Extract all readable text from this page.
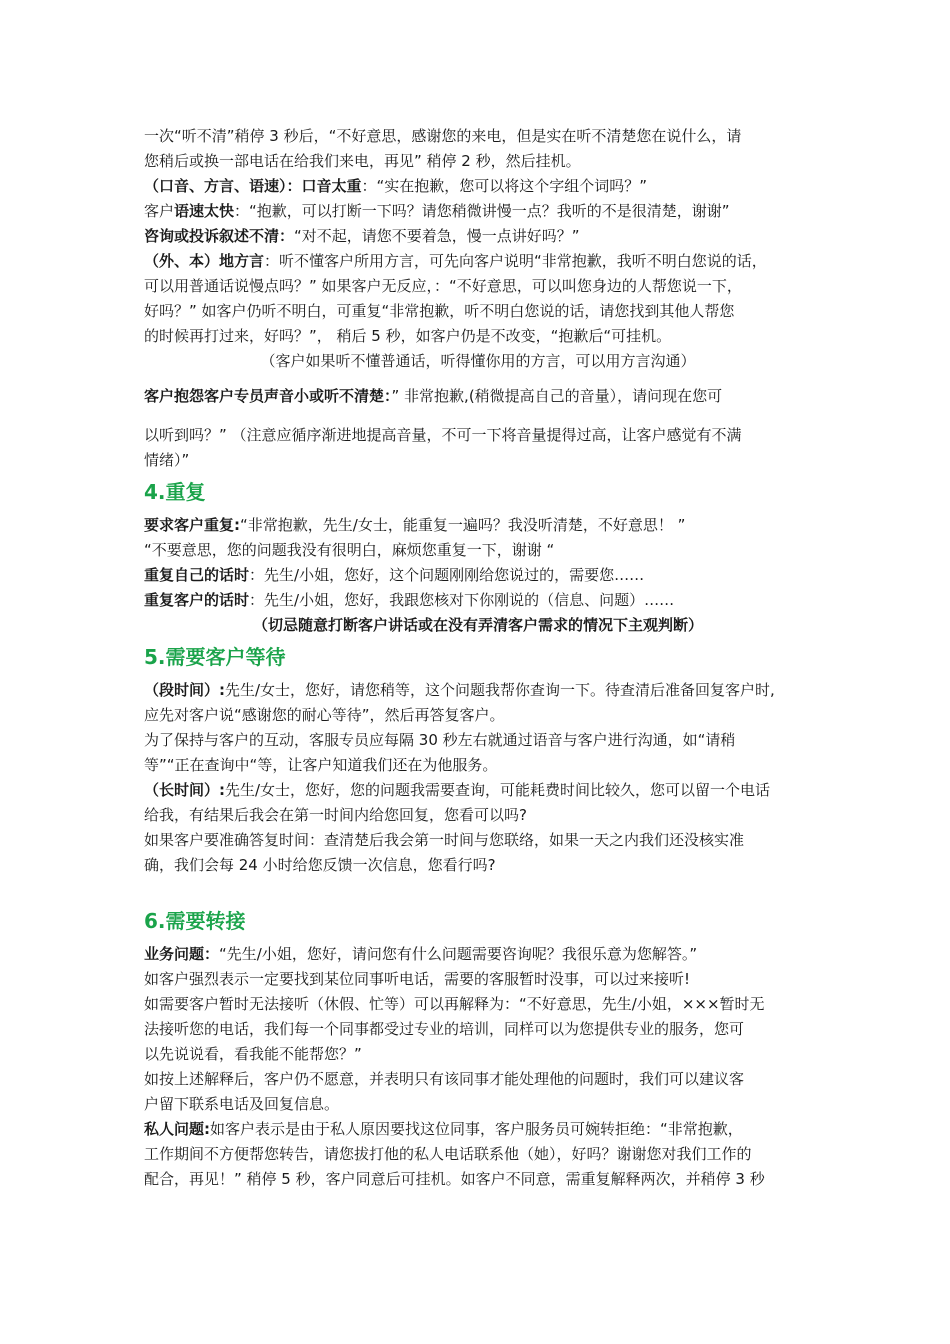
一次“听不清”稍停 3 秒后，“不好意思，感谢您的来电，但是实在听不清楚您在说什么，请
您稍后或换一部电话在给我们来电，再见” 稍停 2 秒，然后挂机。
（口音、方言、语速）：口音太重：“实在抱歉，您可以将这个字组个词吗？”
客户语速太快：“抱歉，可以打断一下吗？请您稍微讲慢一点？我听的不是很清楚，谢谢”
咨询或投诉叙述不清：“对不起，请您不要着急，慢一点讲好吗？”
（外、本）地方言：听不懂客户所用方言，可先向客户说明“非常抱歉，我听不明白您说的话，
可以用普通话说慢点吗？” 如果客户无反应，：“不好意思，可以叫您身边的人帮您说一下，
好吗？” 如客户仍听不明白，可重复“非常抱歉，听不明白您说的话，请您找到其他人帮您
的时候再打过来，好吗？”， 稍后 5 秒，如客户仍是不改变，“抱歉后“可挂机。
（客户如果听不懂普通话，听得懂你用的方言，可以用方言沟通）
客户抱怨客户专员声音小或听不清楚：” 非常抱歉,(稍微提高自己的音量），请问现在您可
以听到吗？” （注意应循序渐进地提高音量，不可一下将音量提得过高，让客户感觉有不满
情绪）”
4.重复
要求客户重复:“非常抱歉，先生/女士，能重复一遍吗？我没听清楚，不好意思！ ”
“不要意思，您的问题我没有很明白，麻烦您重复一下，谢谢 “
重复自己的话时：先生/小姐，您好，这个问题刚刚给您说过的，需要您……
重复客户的话时：先生/小姐，您好，我跟您核对下你刚说的（信息、问题）……
（切忌随意打断客户讲话或在没有弄清客户需求的情况下主观判断）
5.需要客户等待
（段时间）:先生/女士，您好，请您稍等，这个问题我帮你查询一下。待查清后准备回复客户时,
应先对客户说“感谢您的耐心等待”，然后再答复客户。
为了保持与客户的互动，客服专员应每隔 30 秒左右就通过语音与客户进行沟通，如“请稍
等”“正在查询中“等，让客户知道我们还在为他服务。
（长时间）:先生/女士，您好，您的问题我需要查询，可能耗费时间比较久，您可以留一个电话
给我，有结果后我会在第一时间内给您回复，您看可以吗?
如果客户要准确答复时间：查清楚后我会第一时间与您联络，如果一天之内我们还没核实准
确，我们会每 24 小时给您反馈一次信息，您看行吗?
6.需要转接
业务问题：“先生/小姐，您好，请问您有什么问题需要咨询呢？我很乐意为您解答。”
如客户强烈表示一定要找到某位同事听电话，需要的客服暂时没事，可以过来接听!
如需要客户暂时无法接听（休假、忙等）可以再解释为：“不好意思，先生/小姐，×××暂时无
法接听您的电话，我们每一个同事都受过专业的培训，同样可以为您提供专业的服务，您可
以先说说看，看我能不能帮您？”
如按上述解释后，客户仍不愿意，并表明只有该同事才能处理他的问题时，我们可以建议客
户留下联系电话及回复信息。
私人问题:如客户表示是由于私人原因要找这位同事，客户服务员可婉转拒绝：“非常抱歉，
工作期间不方便帮您转告，请您拔打他的私人电话联系他（她），好吗？谢谢您对我们工作的
配合，再见！” 稍停 5 秒，客户同意后可挂机。如客户不同意，需重复解释两次，并稍停 3 秒
